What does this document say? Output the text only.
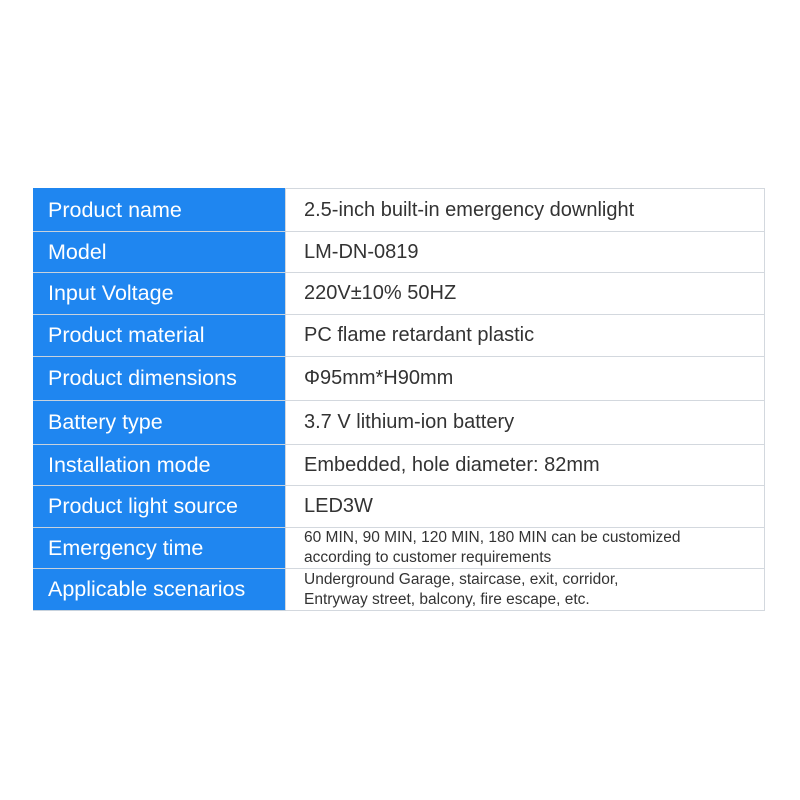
Product name	2.5-inch built-in emergency downlight
Model	LM-DN-0819
Input Voltage	220V±10% 50HZ
Product material	PC flame retardant plastic
Product dimensions	Φ95mm*H90mm
Battery type	3.7 V lithium-ion battery
Installation mode	Embedded, hole diameter: 82mm
Product light source	LED3W
Emergency time	60 MIN, 90 MIN, 120 MIN, 180 MIN can be customized
according to customer requirements

Applicable scenarios	Underground Garage, staircase, exit, corridor,
Entryway street, balcony, fire escape, etc.
